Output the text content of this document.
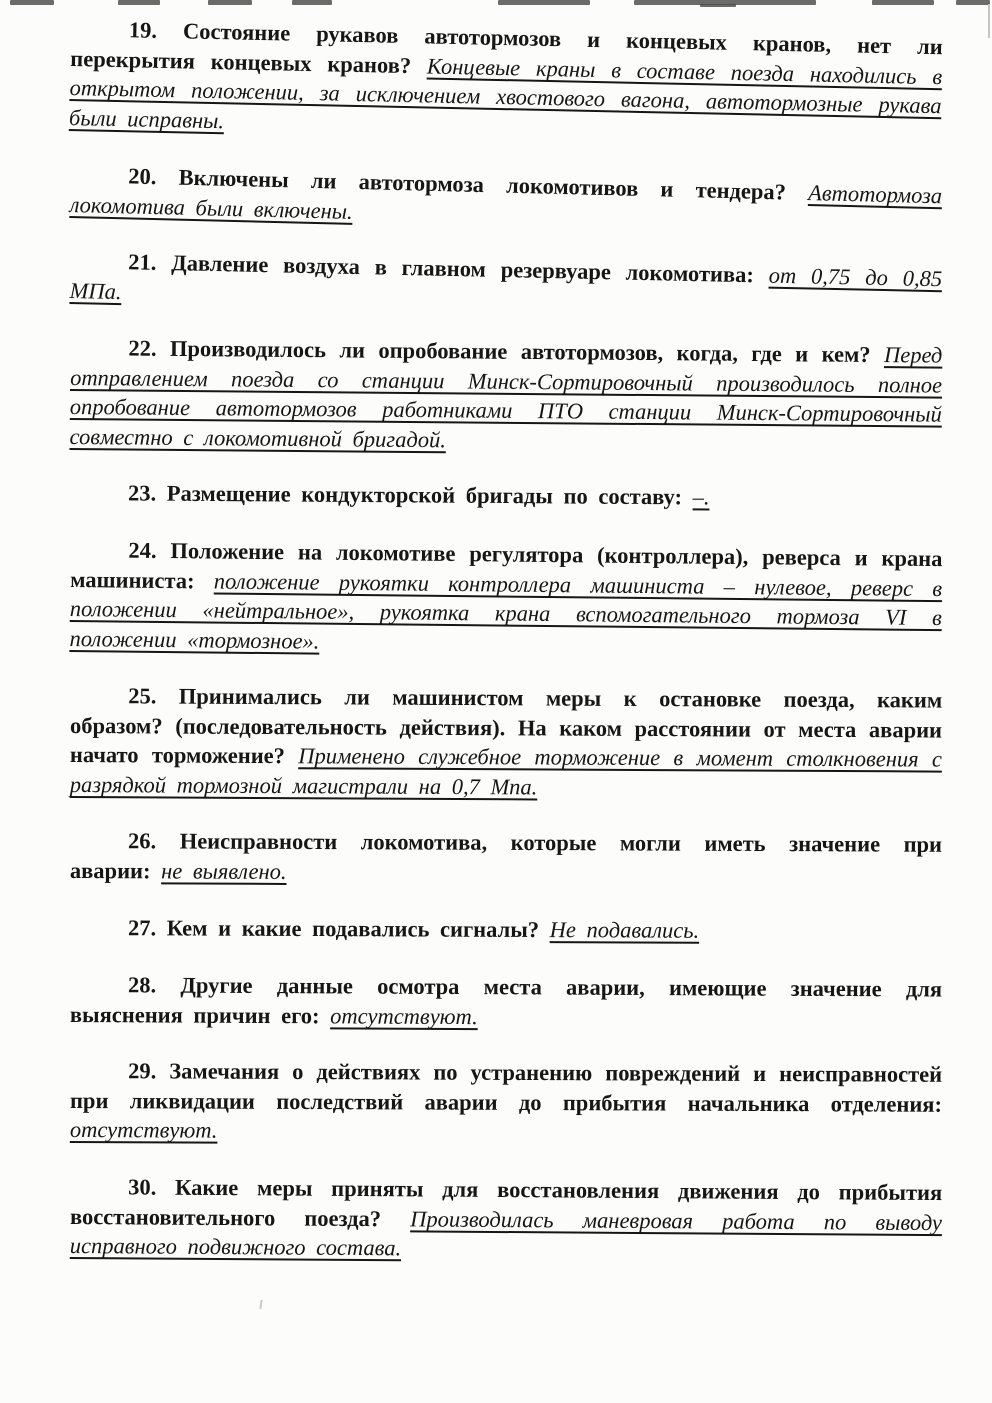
19. Состояние рукавов автотормозов и концевых кранов, нет ли перекрытия концевых кранов? Концевые краны в составе поезда находились в открытом положении, за исключением хвостового вагона, автотормозные рукава были исправны.

20. Включены ли автотормоза локомотивов и тендера? Автотормоза локомотива были включены.

21. Давление воздуха в главном резервуаре локомотива: от 0,75 до 0,85 МПа.

22. Производилось ли опробование автотормозов, когда, где и кем? Перед отправлением поезда со станции Минск-Сортировочный производилось полное опробование автотормозов работниками ПТО станции Минск-Сортировочный совместно с локомотивной бригадой.

23. Размещение кондукторской бригады по составу: –.

24. Положение на локомотиве регулятора (контроллера), реверса и крана машиниста: положение рукоятки контроллера машиниста – нулевое, реверс в положении «нейтральное», рукоятка крана вспомогательного тормоза VI в положении «тормозное».

25. Принимались ли машинистом меры к остановке поезда, каким образом? (последовательность действия). На каком расстоянии от места аварии начато торможение? Применено служебное торможение в момент столкновения с разрядкой тормозной магистрали на 0,7 Мпа.

26. Неисправности локомотива, которые могли иметь значение при аварии: не выявлено.

27. Кем и какие подавались сигналы? Не подавались.

28. Другие данные осмотра места аварии, имеющие значение для выяснения причин его: отсутствуют.

29. Замечания о действиях по устранению повреждений и неисправностей при ликвидации последствий аварии до прибытия начальника отделения: отсутствуют.

30. Какие меры приняты для восстановления движения до прибытия восстановительного поезда? Производилась маневровая работа по выводу исправного подвижного состава.
